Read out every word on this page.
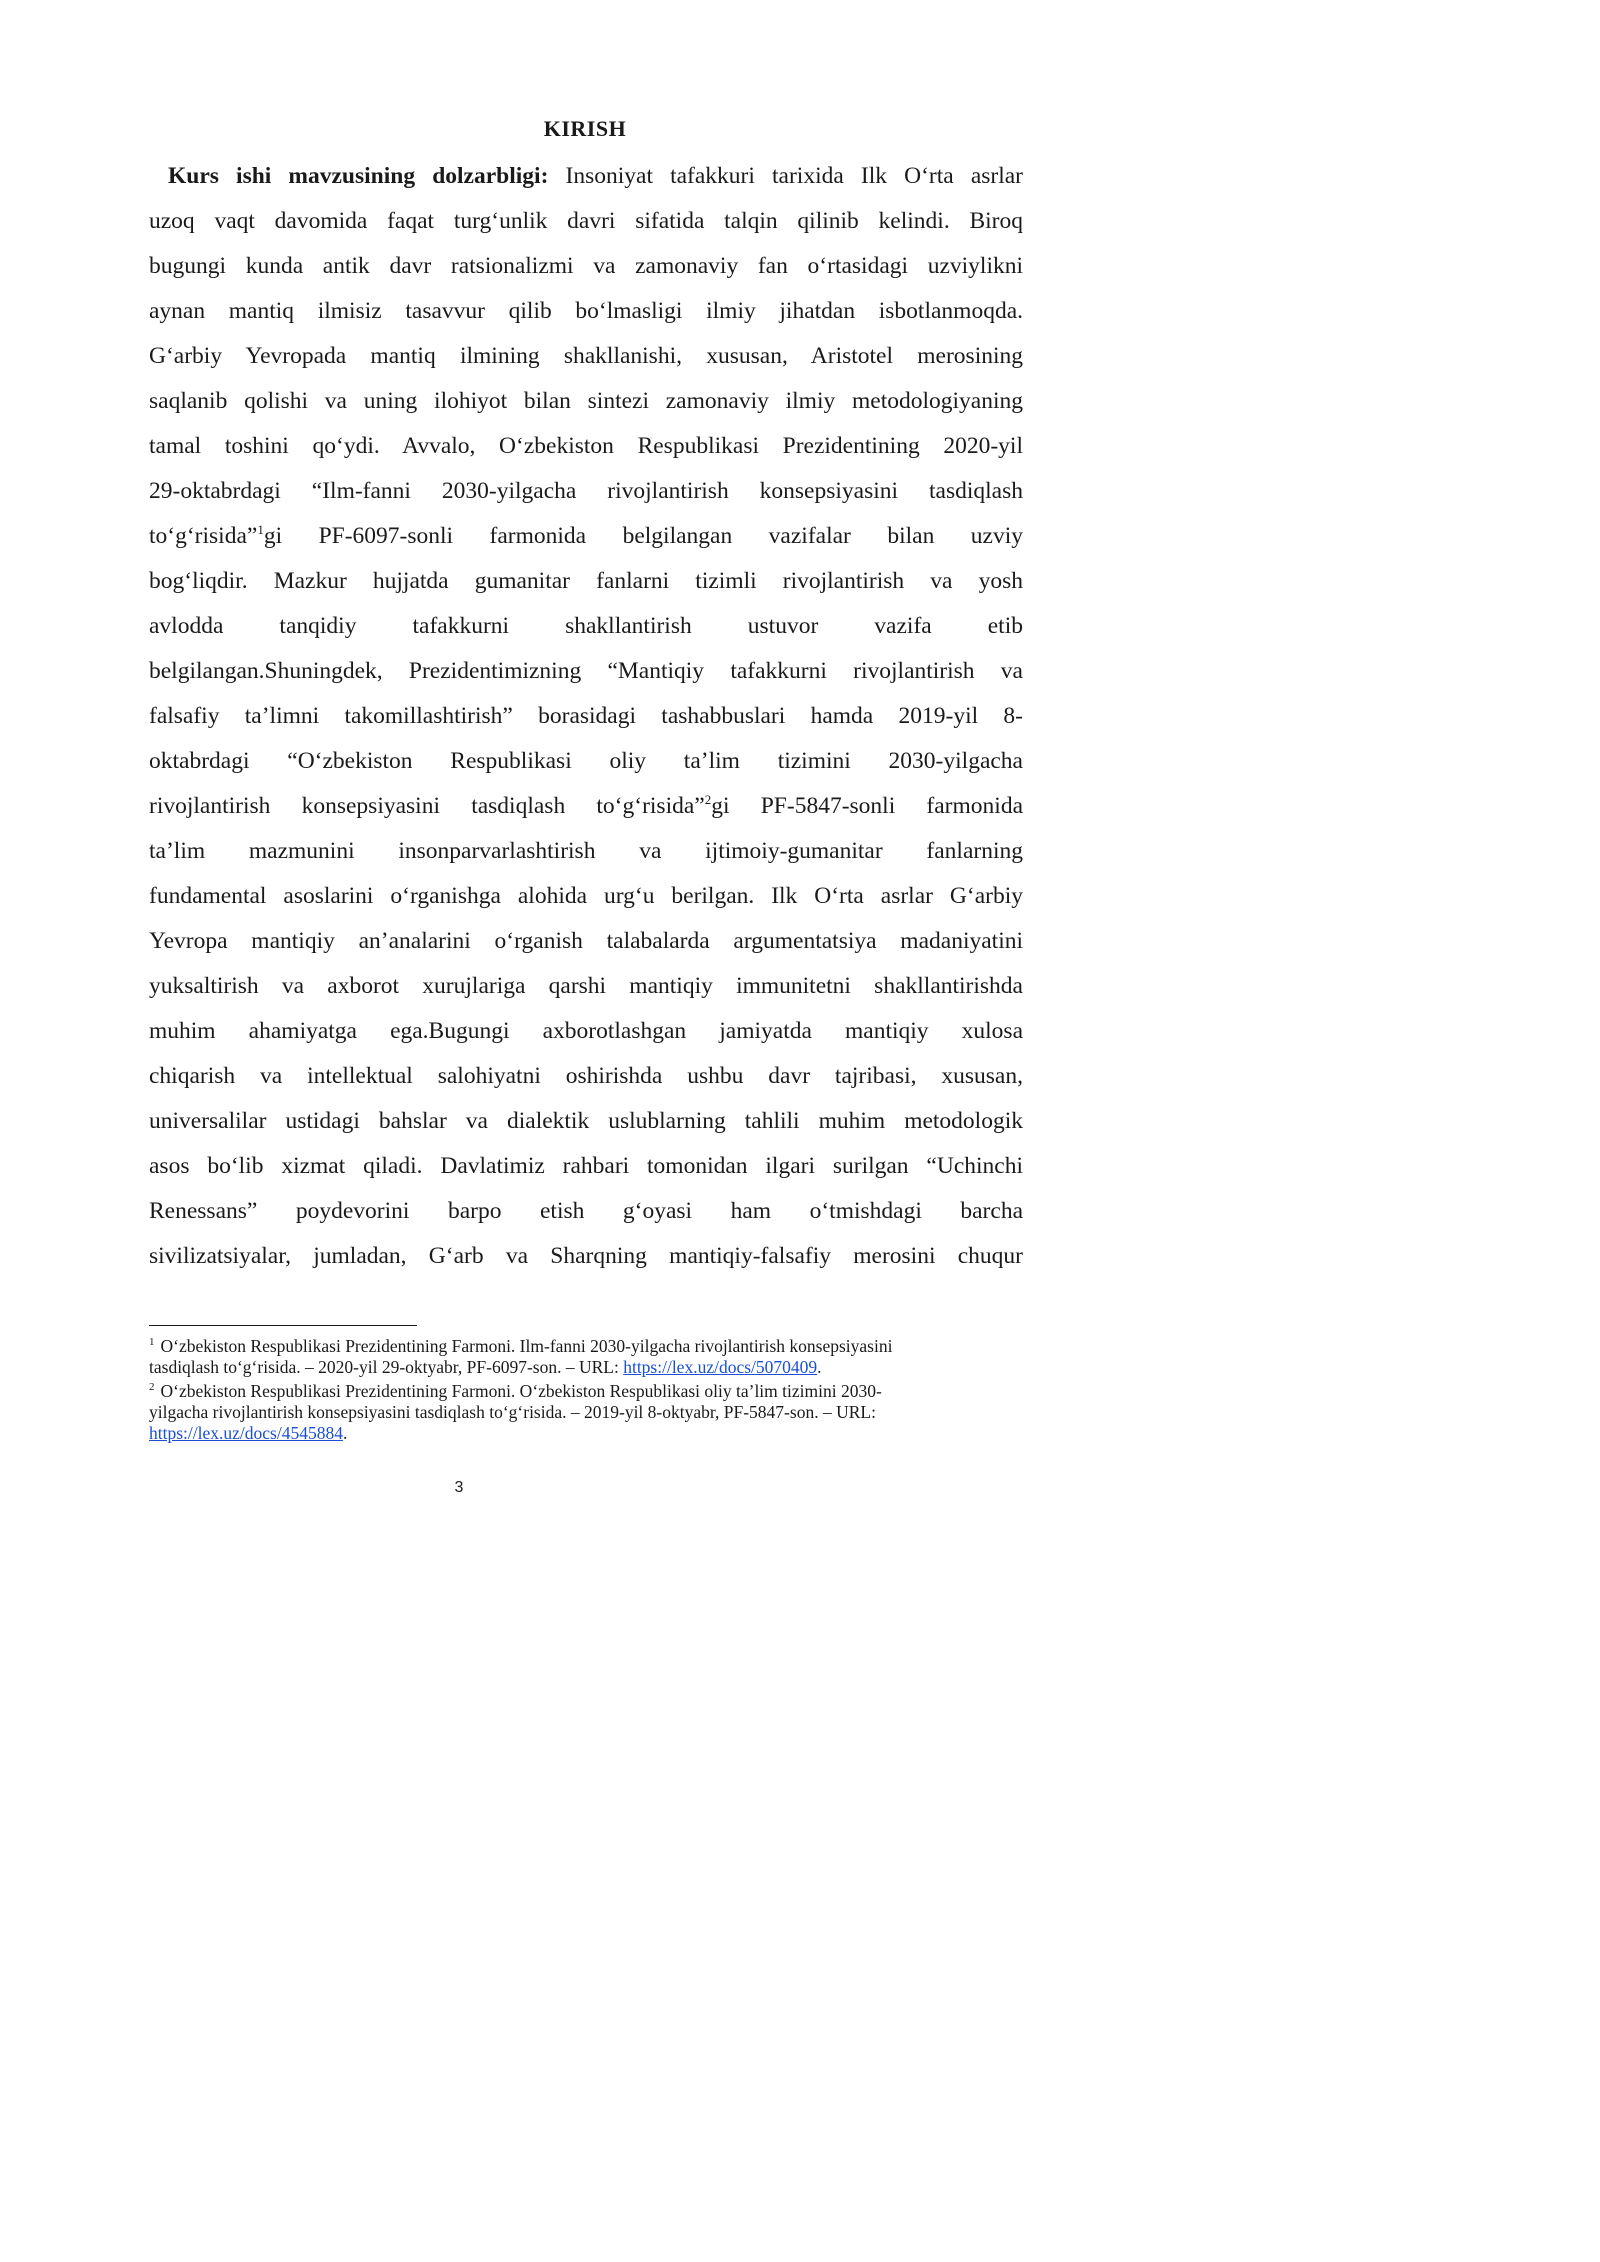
KIRISH
Kurs ishi mavzusining dolzarbligi: Insoniyat tafakkuri tarixida Ilk O‘rta asrlar
uzoq vaqt davomida faqat turg‘unlik davri sifatida talqin qilinib kelindi. Biroq
bugungi kunda antik davr ratsionalizmi va zamonaviy fan o‘rtasidagi uzviylikni
aynan mantiq ilmisiz tasavvur qilib bo‘lmasligi ilmiy jihatdan isbotlanmoqda.
G‘arbiy Yevropada mantiq ilmining shakllanishi, xususan, Aristotel merosining
saqlanib qolishi va uning ilohiyot bilan sintezi zamonaviy ilmiy metodologiyaning
tamal toshini qo‘ydi. Avvalo, O‘zbekiston Respublikasi Prezidentining 2020-yil
29-oktabrdagi “Ilm-fanni 2030-yilgacha rivojlantirish konsepsiyasini tasdiqlash
to‘g‘risida”$^1$gi PF-6097-sonli farmonida belgilangan vazifalar bilan uzviy
bog‘liqdir. Mazkur hujjatda gumanitar fanlarni tizimli rivojlantirish va yosh
avlodda tanqidiy tafakkurni shakllantirish ustuvor vazifa etib
belgilangan.Shuningdek, Prezidentimizning “Mantiqiy tafakkurni rivojlantirish va
falsafiy ta’limni takomillashtirish” borasidagi tashabbuslari hamda 2019-yil 8-
oktabrdagi “O‘zbekiston Respublikasi oliy ta’lim tizimini 2030-yilgacha
rivojlantirish konsepsiyasini tasdiqlash to‘g‘risida”$^2$gi PF-5847-sonli farmonida
ta’lim mazmunini insonparvarlashtirish va ijtimoiy-gumanitar fanlarning
fundamental asoslarini o‘rganishga alohida urg‘u berilgan. Ilk O‘rta asrlar G‘arbiy
Yevropa mantiqiy an’analarini o‘rganish talabalarda argumentatsiya madaniyatini
yuksaltirish va axborot xurujlariga qarshi mantiqiy immunitetni shakllantirishda
muhim ahamiyatga ega.Bugungi axborotlashgan jamiyatda mantiqiy xulosa
chiqarish va intellektual salohiyatni oshirishda ushbu davr tajribasi, xususan,
universalilar ustidagi bahslar va dialektik uslublarning tahlili muhim metodologik
asos bo‘lib xizmat qiladi. Davlatimiz rahbari tomonidan ilgari surilgan “Uchinchi
Renessans” poydevorini barpo etish g‘oyasi ham o‘tmishdagi barcha
sivilizatsiyalar, jumladan, G‘arb va Sharqning mantiqiy-falsafiy merosini chuqur
$^1$ O‘zbekiston Respublikasi Prezidentining Farmoni. Ilm-fanni 2030-yilgacha rivojlantirish konsepsiyasini
tasdiqlash to‘g‘risida. – 2020-yil 29-oktyabr, PF-6097-son. – URL: https://lex.uz/docs/5070409.
$^2$ O‘zbekiston Respublikasi Prezidentining Farmoni. O‘zbekiston Respublikasi oliy ta’lim tizimini 2030-
yilgacha rivojlantirish konsepsiyasini tasdiqlash to‘g‘risida. – 2019-yil 8-oktyabr, PF-5847-son. – URL:
https://lex.uz/docs/4545884.
3
